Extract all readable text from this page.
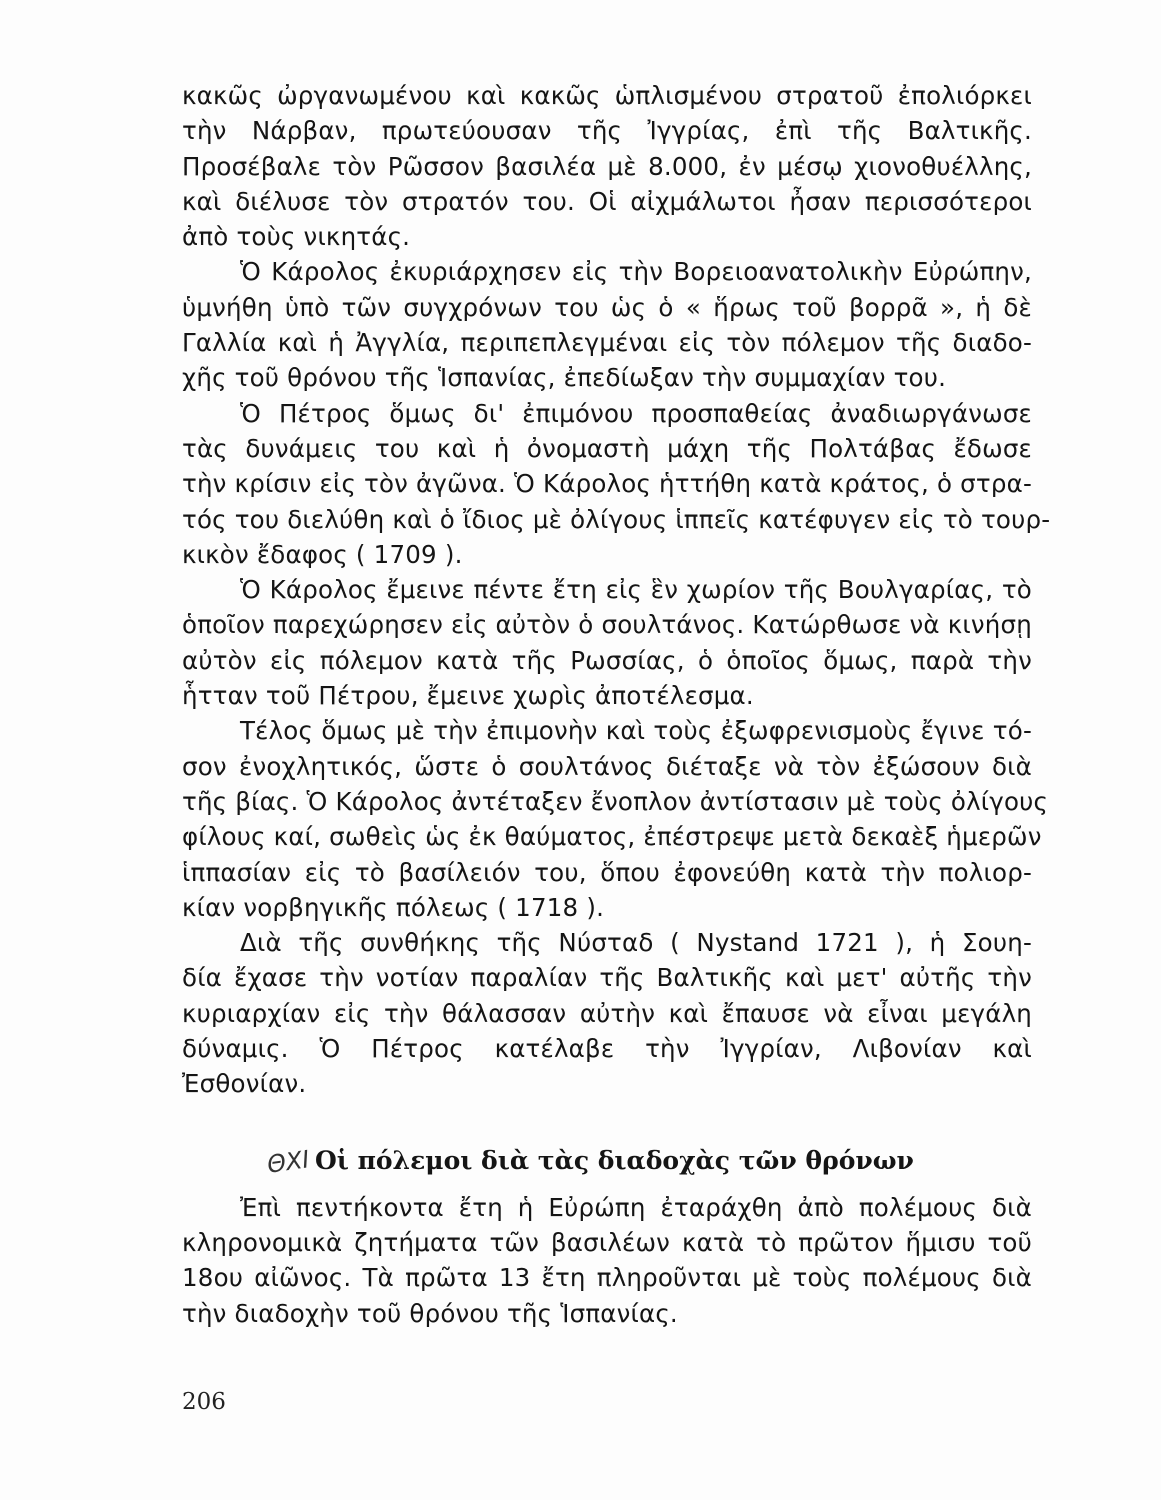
κακῶς ὠργανωμένου καὶ κακῶς ὡπλισμένου στρατοῦ ἐπολιόρκει
τὴν Νάρβαν, πρωτεύουσαν τῆς Ἰγγρίας, ἐπὶ τῆς Βαλτικῆς.
Προσέβαλε τὸν Ρῶσσον βασιλέα μὲ 8.000, ἐν μέσῳ χιονοθυέλλης,
καὶ διέλυσε τὸν στρατόν του. Οἱ αἰχμάλωτοι ἦσαν περισσότεροι
ἀπὸ τοὺς νικητάς.
Ὁ Κάρολος ἐκυριάρχησεν εἰς τὴν Βορειοανατολικὴν Εὐρώπην,
ὑμνήθη ὑπὸ τῶν συγχρόνων του ὡς ὁ « ἥρως τοῦ βορρᾶ », ἡ δὲ
Γαλλία καὶ ἡ Ἀγγλία, περιπεπλεγμέναι εἰς τὸν πόλεμον τῆς διαδο-
χῆς τοῦ θρόνου τῆς Ἱσπανίας, ἐπεδίωξαν τὴν συμμαχίαν του.
Ὁ Πέτρος ὅμως δι' ἐπιμόνου προσπαθείας ἀναδιωργάνωσε
τὰς δυνάμεις του καὶ ἡ ὀνομαστὴ μάχη τῆς Πολτάβας ἔδωσε
τὴν κρίσιν εἰς τὸν ἀγῶνα. Ὁ Κάρολος ἡττήθη κατὰ κράτος, ὁ στρα-
τός του διελύθη καὶ ὁ ἴδιος μὲ ὀλίγους ἱππεῖς κατέφυγεν εἰς τὸ τουρ-
κικὸν ἔδαφος ( 1709 ).
Ὁ Κάρολος ἔμεινε πέντε ἔτη εἰς ἓν χωρίον τῆς Βουλγαρίας, τὸ
ὁποῖον παρεχώρησεν εἰς αὐτὸν ὁ σουλτάνος. Κατώρθωσε νὰ κινήσῃ
αὐτὸν εἰς πόλεμον κατὰ τῆς Ρωσσίας, ὁ ὁποῖος ὅμως, παρὰ τὴν
ἧτταν τοῦ Πέτρου, ἔμεινε χωρὶς ἀποτέλεσμα.
Τέλος ὅμως μὲ τὴν ἐπιμονὴν καὶ τοὺς ἐξωφρενισμοὺς ἔγινε τό-
σον ἐνοχλητικός, ὥστε ὁ σουλτάνος διέταξε νὰ τὸν ἐξώσουν διὰ
τῆς βίας. Ὁ Κάρολος ἀντέταξεν ἔνοπλον ἀντίστασιν μὲ τοὺς ὀλίγους
φίλους καί, σωθεὶς ὡς ἐκ θαύματος, ἐπέστρεψε μετὰ δεκαὲξ ἡμερῶν
ἱππασίαν εἰς τὸ βασίλειόν του, ὅπου ἐφονεύθη κατὰ τὴν πολιορ-
κίαν νορβηγικῆς πόλεως ( 1718 ).
Διὰ τῆς συνθήκης τῆς Νύσταδ ( Nystand 1721 ), ἡ Σουη-
δία ἔχασε τὴν νοτίαν παραλίαν τῆς Βαλτικῆς καὶ μετ' αὐτῆς τὴν
κυριαρχίαν εἰς τὴν θάλασσαν αὐτὴν καὶ ἔπαυσε νὰ εἶναι μεγάλη
δύναμις. Ὁ Πέτρος κατέλαβε τὴν Ἰγγρίαν, Λιβονίαν καὶ
Ἐσθονίαν.
ΘΧΙ Οἱ πόλεμοι διὰ τὰς διαδοχὰς τῶν θρόνων
Ἐπὶ πεντήκοντα ἔτη ἡ Εὐρώπη ἐταράχθη ἀπὸ πολέμους διὰ
κληρονομικὰ ζητήματα τῶν βασιλέων κατὰ τὸ πρῶτον ἥμισυ τοῦ
18ου αἰῶνος. Τὰ πρῶτα 13 ἔτη πληροῦνται μὲ τοὺς πολέμους διὰ
τὴν διαδοχὴν τοῦ θρόνου τῆς Ἱσπανίας.
206
